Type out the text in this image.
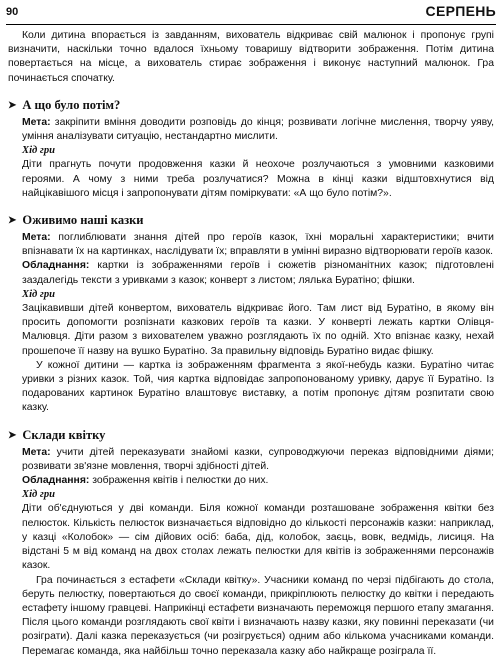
90	СЕРПЕНЬ

Коли дитина впорається із завданням, вихователь відкриває свій малюнок і пропонує групі визначити, наскільки точно вдалося їхньому товаришу відтворити зображення. Потім дитина повертається на місце, а вихователь стирає зображення і виконує наступний малюнок. Гра починається спочатку.

➤ А що було потім?

Мета: закріпити вміння доводити розповідь до кінця; розвивати логічне мислення, творчу уяву, уміння аналізувати ситуацію, нестандартно мислити.

Хід гри

Діти прагнуть почути продовження казки й неохоче розлучаються з умовними казковими героями. А чому з ними треба розлучатися? Можна в кінці казки відштовхнутися від найцікавішого місця і запропонувати дітям поміркувати: «А що було потім?».

➤ Оживимо наші казки

Мета: поглиблювати знання дітей про героїв казок, їхні моральні характеристики; вчити впізнавати їх на картинках, наслідувати їх; вправляти в умінні виразно відтворювати героїв казок.

Обладнання: картки із зображеннями героїв і сюжетів різноманітних казок; підготовлені заздалегідь тексти з уривками з казок; конверт з листом; лялька Буратіно; фішки.

Хід гри

Зацікавивши дітей конвертом, вихователь відкриває його. Там лист від Буратіно, в якому він просить допомогти розпізнати казкових героїв та казки. У конверті лежать картки Олівця-Малювця. Діти разом з вихователем уважно розглядають їх по одній. Хто впізнає казку, нехай прошепоче її назву на вушко Буратіно. За правильну відповідь Буратіно видає фішку.

У кожної дитини — картка із зображенням фрагмента з якої-небудь казки. Буратіно читає уривки з різних казок. Той, чия картка відповідає запропонованому уривку, дарує її Буратіно. Із подарованих картинок Буратіно влаштовує виставку, а потім пропонує дітям розпитати свою казку.

➤ Склади квітку

Мета: учити дітей переказувати знайомі казки, супроводжуючи переказ відповідними діями; розвивати зв'язне мовлення, творчі здібності дітей.

Обладнання: зображення квітів і пелюстки до них.

Хід гри

Діти об'єднуються у дві команди. Біля кожної команди розташоване зображення квітки без пелюсток. Кількість пелюсток визначається відповідно до кількості персонажів казки: наприклад, у казці «Колобок» — сім дійових осіб: баба, дід, колобок, заєць, вовк, ведмідь, лисиця. На відстані 5 м від команд на двох столах лежать пелюстки для квітів із зображеннями персонажів казок.

Гра починається з естафети «Склади квітку». Учасники команд по черзі підбігають до стола, беруть пелюстку, повертаються до своєї команди, прикріплюють пелюстку до квітки і передають естафету іншому гравцеві. Наприкінці естафети визначають переможця першого етапу змагання. Після цього команди розглядають свої квіти і визначають назву казки, яку повинні переказати (чи розіграти). Далі казка переказується (чи розігрується) одним або кількома учасниками команди. Перемагає команда, яка найбільш точно переказала казку або найкраще розіграла її.
